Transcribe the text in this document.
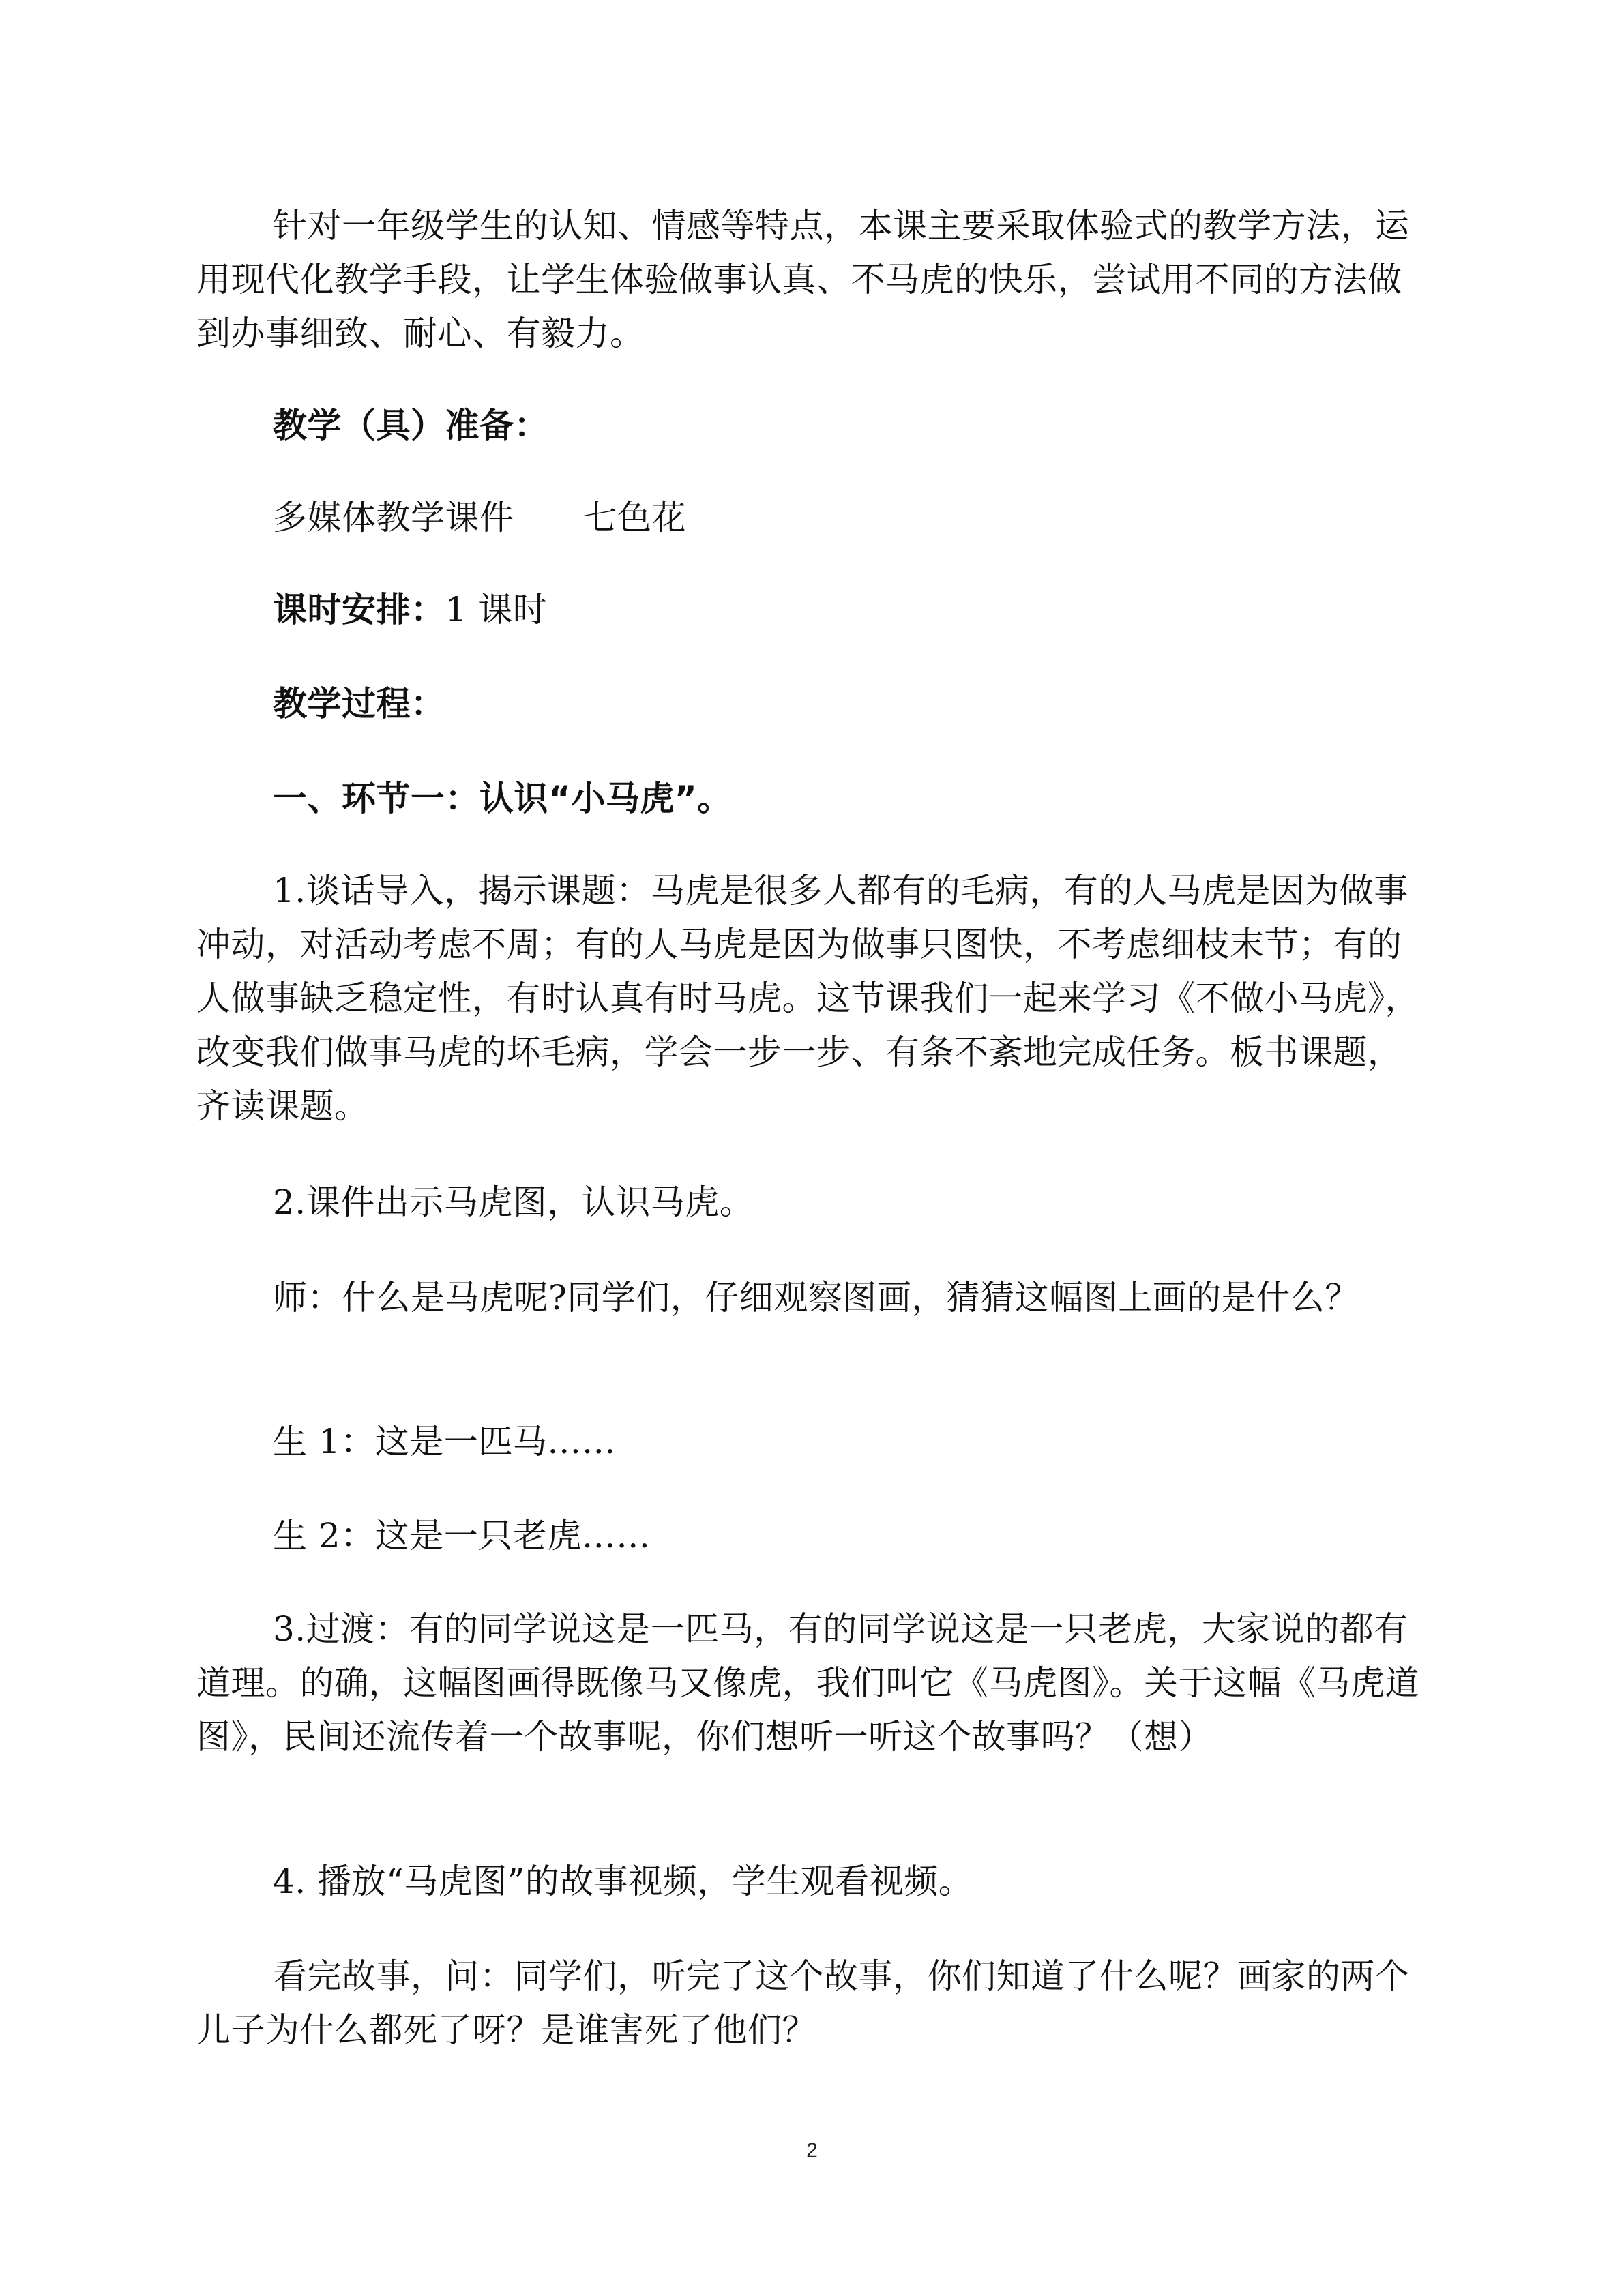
针对一年级学生的认知、情感等特点，本课主要采取体验式的教学方法，运用现代化教学手段，让学生体验做事认真、不马虎的快乐，尝试用不同的方法做到办事细致、耐心、有毅力。

教学（具）准备：

多媒体教学课件　　七色花

课时安排：1 课时

教学过程：

一、环节一：认识“小马虎”。

1.谈话导入，揭示课题：马虎是很多人都有的毛病，有的人马虎是因为做事冲动，对活动考虑不周；有的人马虎是因为做事只图快，不考虑细枝末节；有的人做事缺乏稳定性，有时认真有时马虎。这节课我们一起来学习《不做小马虎》，改变我们做事马虎的坏毛病，学会一步一步、有条不紊地完成任务。板书课题，齐读课题。

2.课件出示马虎图，认识马虎。

师：什么是马虎呢?同学们，仔细观察图画，猜猜这幅图上画的是什么？

生 1：这是一匹马……

生 2：这是一只老虎……

3.过渡：有的同学说这是一匹马，有的同学说这是一只老虎，大家说的都有道理。的确，这幅图画得既像马又像虎，我们叫它《马虎图》。关于这幅《马虎道图》，民间还流传着一个故事呢，你们想听一听这个故事吗？（想）

4. 播放“马虎图”的故事视频，学生观看视频。

看完故事，问：同学们，听完了这个故事，你们知道了什么呢？画家的两个儿子为什么都死了呀？是谁害死了他们？

2
